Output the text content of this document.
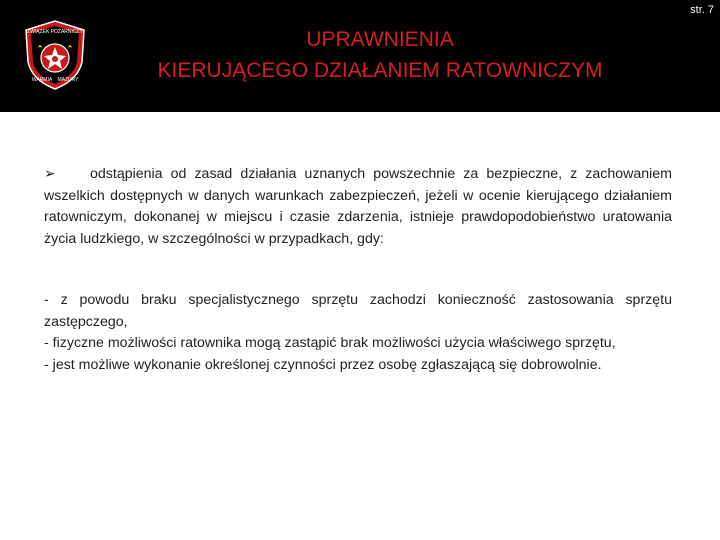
ZWIĄZEK POŻARNICZY
WARMIA MAZURY
UPRAWNIENIA
KIERUJĄCEGO DZIAŁANIEM RATOWNICZYM
str. 7
➢ odstąpienia od zasad działania uznanych powszechnie za bezpieczne, z zachowaniem wszelkich dostępnych w danych warunkach zabezpieczeń, jeżeli w ocenie kierującego działaniem ratowniczym, dokonanej w miejscu i czasie zdarzenia, istnieje prawdopodobieństwo uratowania życia ludzkiego, w szczególności w przypadkach, gdy:
- z powodu braku specjalistycznego sprzętu zachodzi konieczność zastosowania sprzętu zastępczego,
- fizyczne możliwości ratownika mogą zastąpić brak możliwości użycia właściwego sprzętu,
- jest możliwe wykonanie określonej czynności przez osobę zgłaszającą się dobrowolnie.
